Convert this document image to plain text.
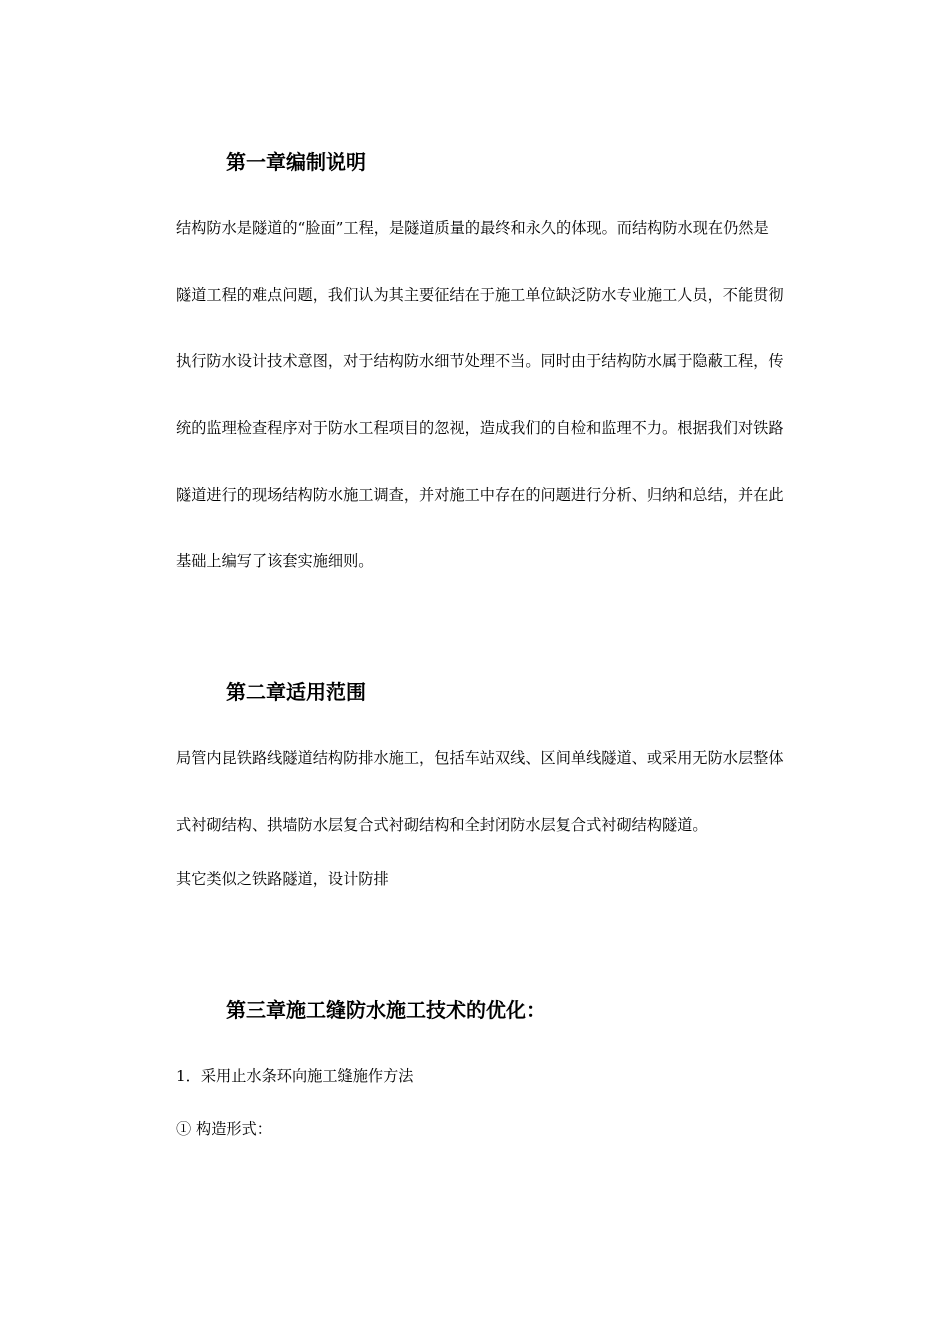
第一章编制说明

结构防水是隧道的“脸面”工程，是隧道质量的最终和永久的体现。而结构防水现在仍然是

隧道工程的难点问题，我们认为其主要征结在于施工单位缺泛防水专业施工人员，不能贯彻

执行防水设计技术意图，对于结构防水细节处理不当。同时由于结构防水属于隐蔽工程，传

统的监理检查程序对于防水工程项目的忽视，造成我们的自检和监理不力。根据我们对铁路

隧道进行的现场结构防水施工调查，并对施工中存在的问题进行分析、归纳和总结，并在此

基础上编写了该套实施细则。

第二章适用范围

局管内昆铁路线隧道结构防排水施工，包括车站双线、区间单线隧道、或采用无防水层整体

式衬砌结构、拱墙防水层复合式衬砌结构和全封闭防水层复合式衬砌结构隧道。

其它类似之铁路隧道，设计防排

第三章施工缝防水施工技术的优化：

1．采用止水条环向施工缝施作方法

① 构造形式：
